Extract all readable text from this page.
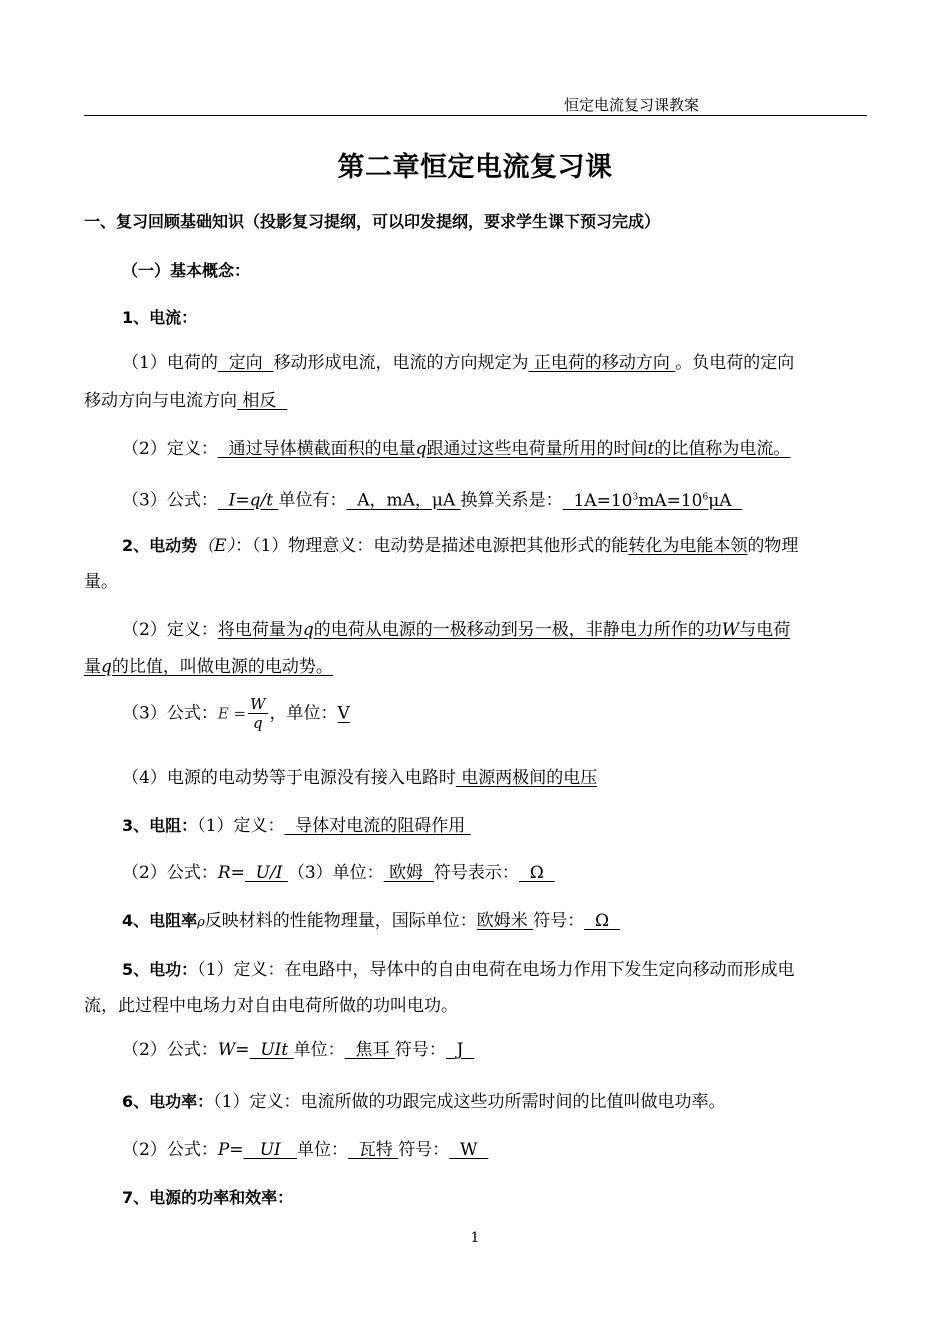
恒定电流复习课教案
第二章恒定电流复习课
一、复习回顾基础知识（投影复习提纲，可以印发提纲，要求学生课下预习完成）
（一）基本概念：
1、电流：
（1）电荷的  定向  移动形成电流，电流的方向规定为 正电荷的移动方向 。负电荷的定向
移动方向与电流方向 相反
（2）定义：  通过导体横截面积的电量q跟通过这些电荷量所用的时间t的比值称为电流。
（3）公式：  I=q/t 单位有：  A，mA，μA 换算关系是：  $1A=10^3mA=10^6\mu A$
2、电动势（E）：（1）物理意义：电动势是描述电源把其他形式的能转化为电能本领的物理
量。
（2）定义：将电荷量为q的电荷从电源的一极移动到另一极，非静电力所作的功W与电荷
量q的比值，叫做电源的电动势。
（3）公式：$E = \frac{W}{q}$ ，单位：V
（4）电源的电动势等于电源没有接入电路时 电源两极间的电压
3、电阻：（1）定义：  导体对电流的阻碍作用
（2）公式：R=  U/I （3）单位： 欧姆  符号表示：  Ω
4、电阻率ρ反映材料的性能物理量，国际单位：欧姆米 符号：  Ω
5、电功：（1）定义：在电路中，导体中的自由电荷在电场力作用下发生定向移动而形成电
流，此过程中电场力对自由电荷所做的功叫电功。
（2）公式：W=  UIt 单位：  焦耳 符号：  J
6、电功率：（1）定义：电流所做的功跟完成这些功所需时间的比值叫做电功率。
（2）公式：P=   UI   单位：  瓦特 符号：  W
7、电源的功率和效率：
1
